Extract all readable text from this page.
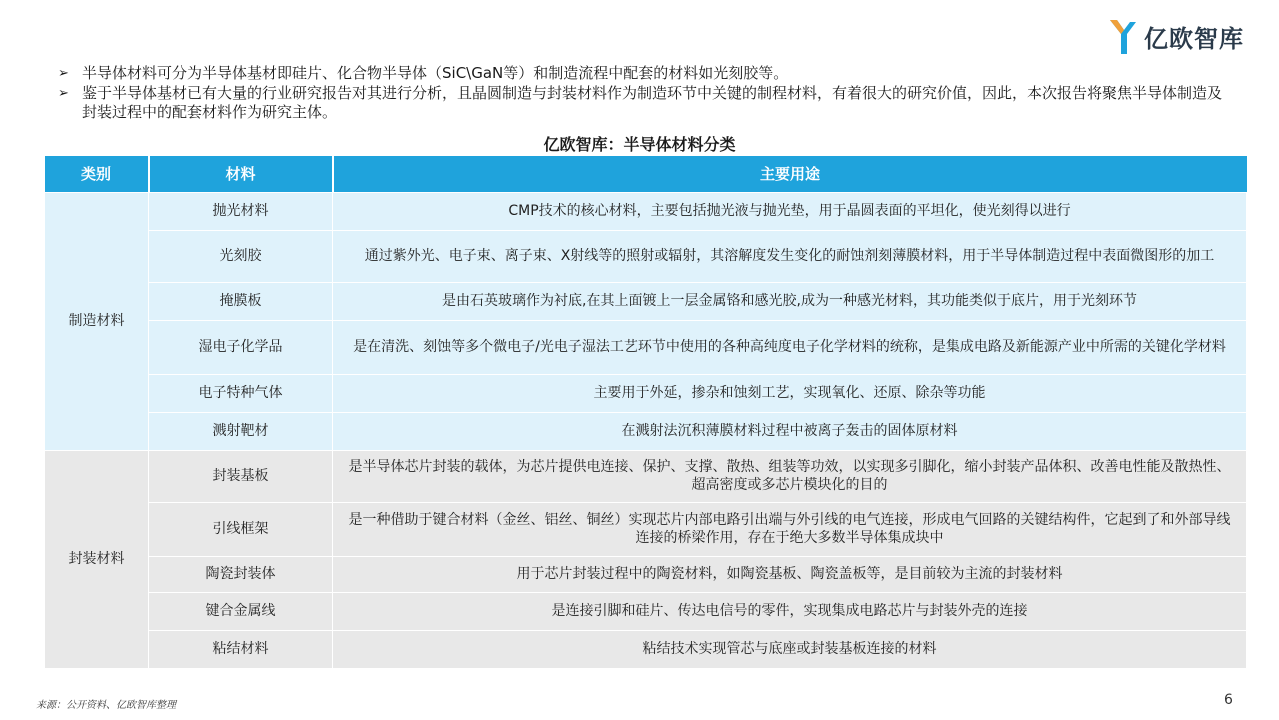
亿欧智库
➢ 半导体材料可分为半导体基材即硅片、化合物半导体（SiC\GaN等）和制造流程中配套的材料如光刻胶等。
➢ 鉴于半导体基材已有大量的行业研究报告对其进行分析，且晶圆制造与封装材料作为制造环节中关键的制程材料，有着很大的研究价值，因此，本次报告将聚焦半导体制造及封装过程中的配套材料作为研究主体。
亿欧智库：半导体材料分类
类别	材料	主要用途
制造材料	抛光材料	CMP技术的核心材料，主要包括抛光液与抛光垫，用于晶圆表面的平坦化，使光刻得以进行
	光刻胶	通过紫外光、电子束、离子束、X射线等的照射或辐射，其溶解度发生变化的耐蚀剂刻薄膜材料，用于半导体制造过程中表面微图形的加工
	掩膜板	是由石英玻璃作为衬底,在其上面镀上一层金属铬和感光胶,成为一种感光材料，其功能类似于底片，用于光刻环节
	湿电子化学品	是在清洗、刻蚀等多个微电子/光电子湿法工艺环节中使用的各种高纯度电子化学材料的统称，是集成电路及新能源产业中所需的关键化学材料
	电子特种气体	主要用于外延，掺杂和蚀刻工艺，实现氧化、还原、除杂等功能
	溅射靶材	在溅射法沉积薄膜材料过程中被离子轰击的固体原材料
封装材料	封装基板	是半导体芯片封装的载体，为芯片提供电连接、保护、支撑、散热、组装等功效，以实现多引脚化，缩小封装产品体积、改善电性能及散热性、超高密度或多芯片模块化的目的
	引线框架	是一种借助于键合材料（金丝、铝丝、铜丝）实现芯片内部电路引出端与外引线的电气连接，形成电气回路的关键结构件，它起到了和外部导线连接的桥梁作用，存在于绝大多数半导体集成块中
	陶瓷封装体	用于芯片封装过程中的陶瓷材料，如陶瓷基板、陶瓷盖板等，是目前较为主流的封装材料
	键合金属线	是连接引脚和硅片、传达电信号的零件，实现集成电路芯片与封装外壳的连接
	粘结材料	粘结技术实现管芯与底座或封装基板连接的材料
来源：公开资料、亿欧智库整理	6
